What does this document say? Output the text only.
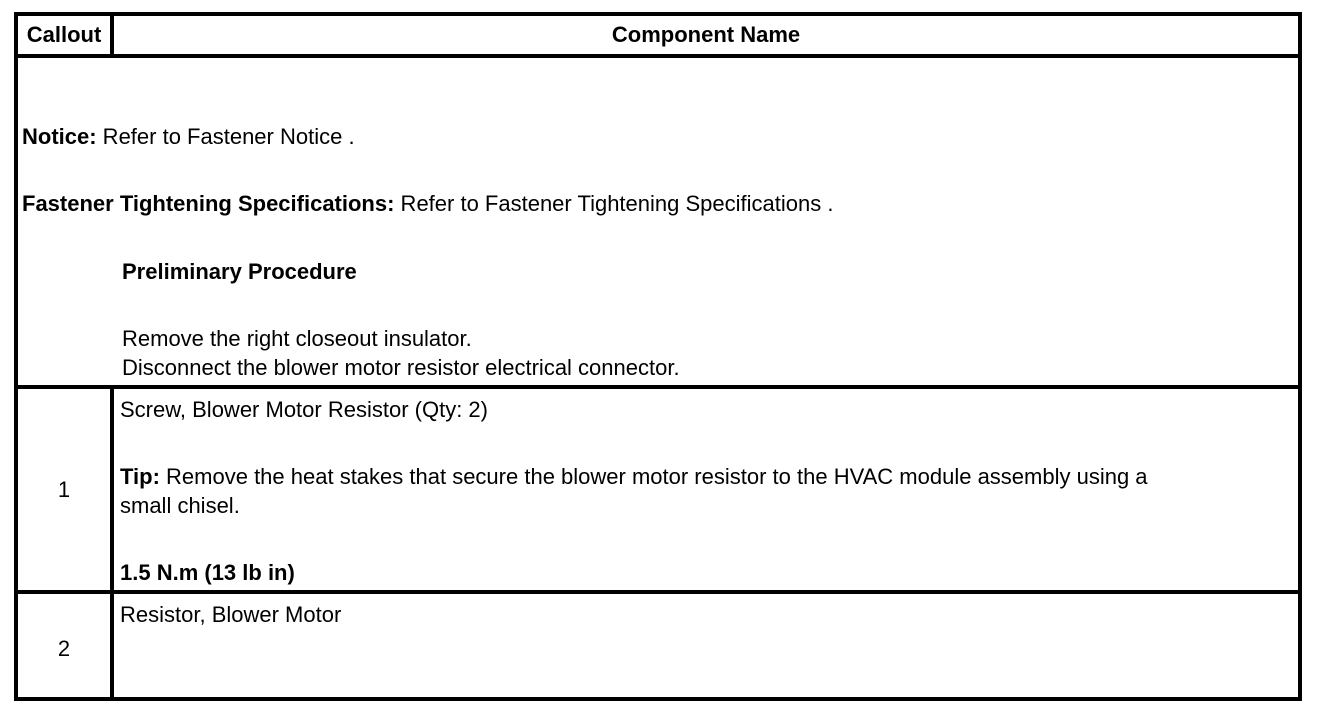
Callout	Component Name
Notice: Refer to Fastener Notice .
Fastener Tightening Specifications: Refer to Fastener Tightening Specifications .
Preliminary Procedure
Remove the right closeout insulator.
Disconnect the blower motor resistor electrical connector.
1
Screw, Blower Motor Resistor (Qty: 2)
Tip: Remove the heat stakes that secure the blower motor resistor to the HVAC module assembly using a
small chisel.
1.5 N.m (13 lb in)
2
Resistor, Blower Motor
